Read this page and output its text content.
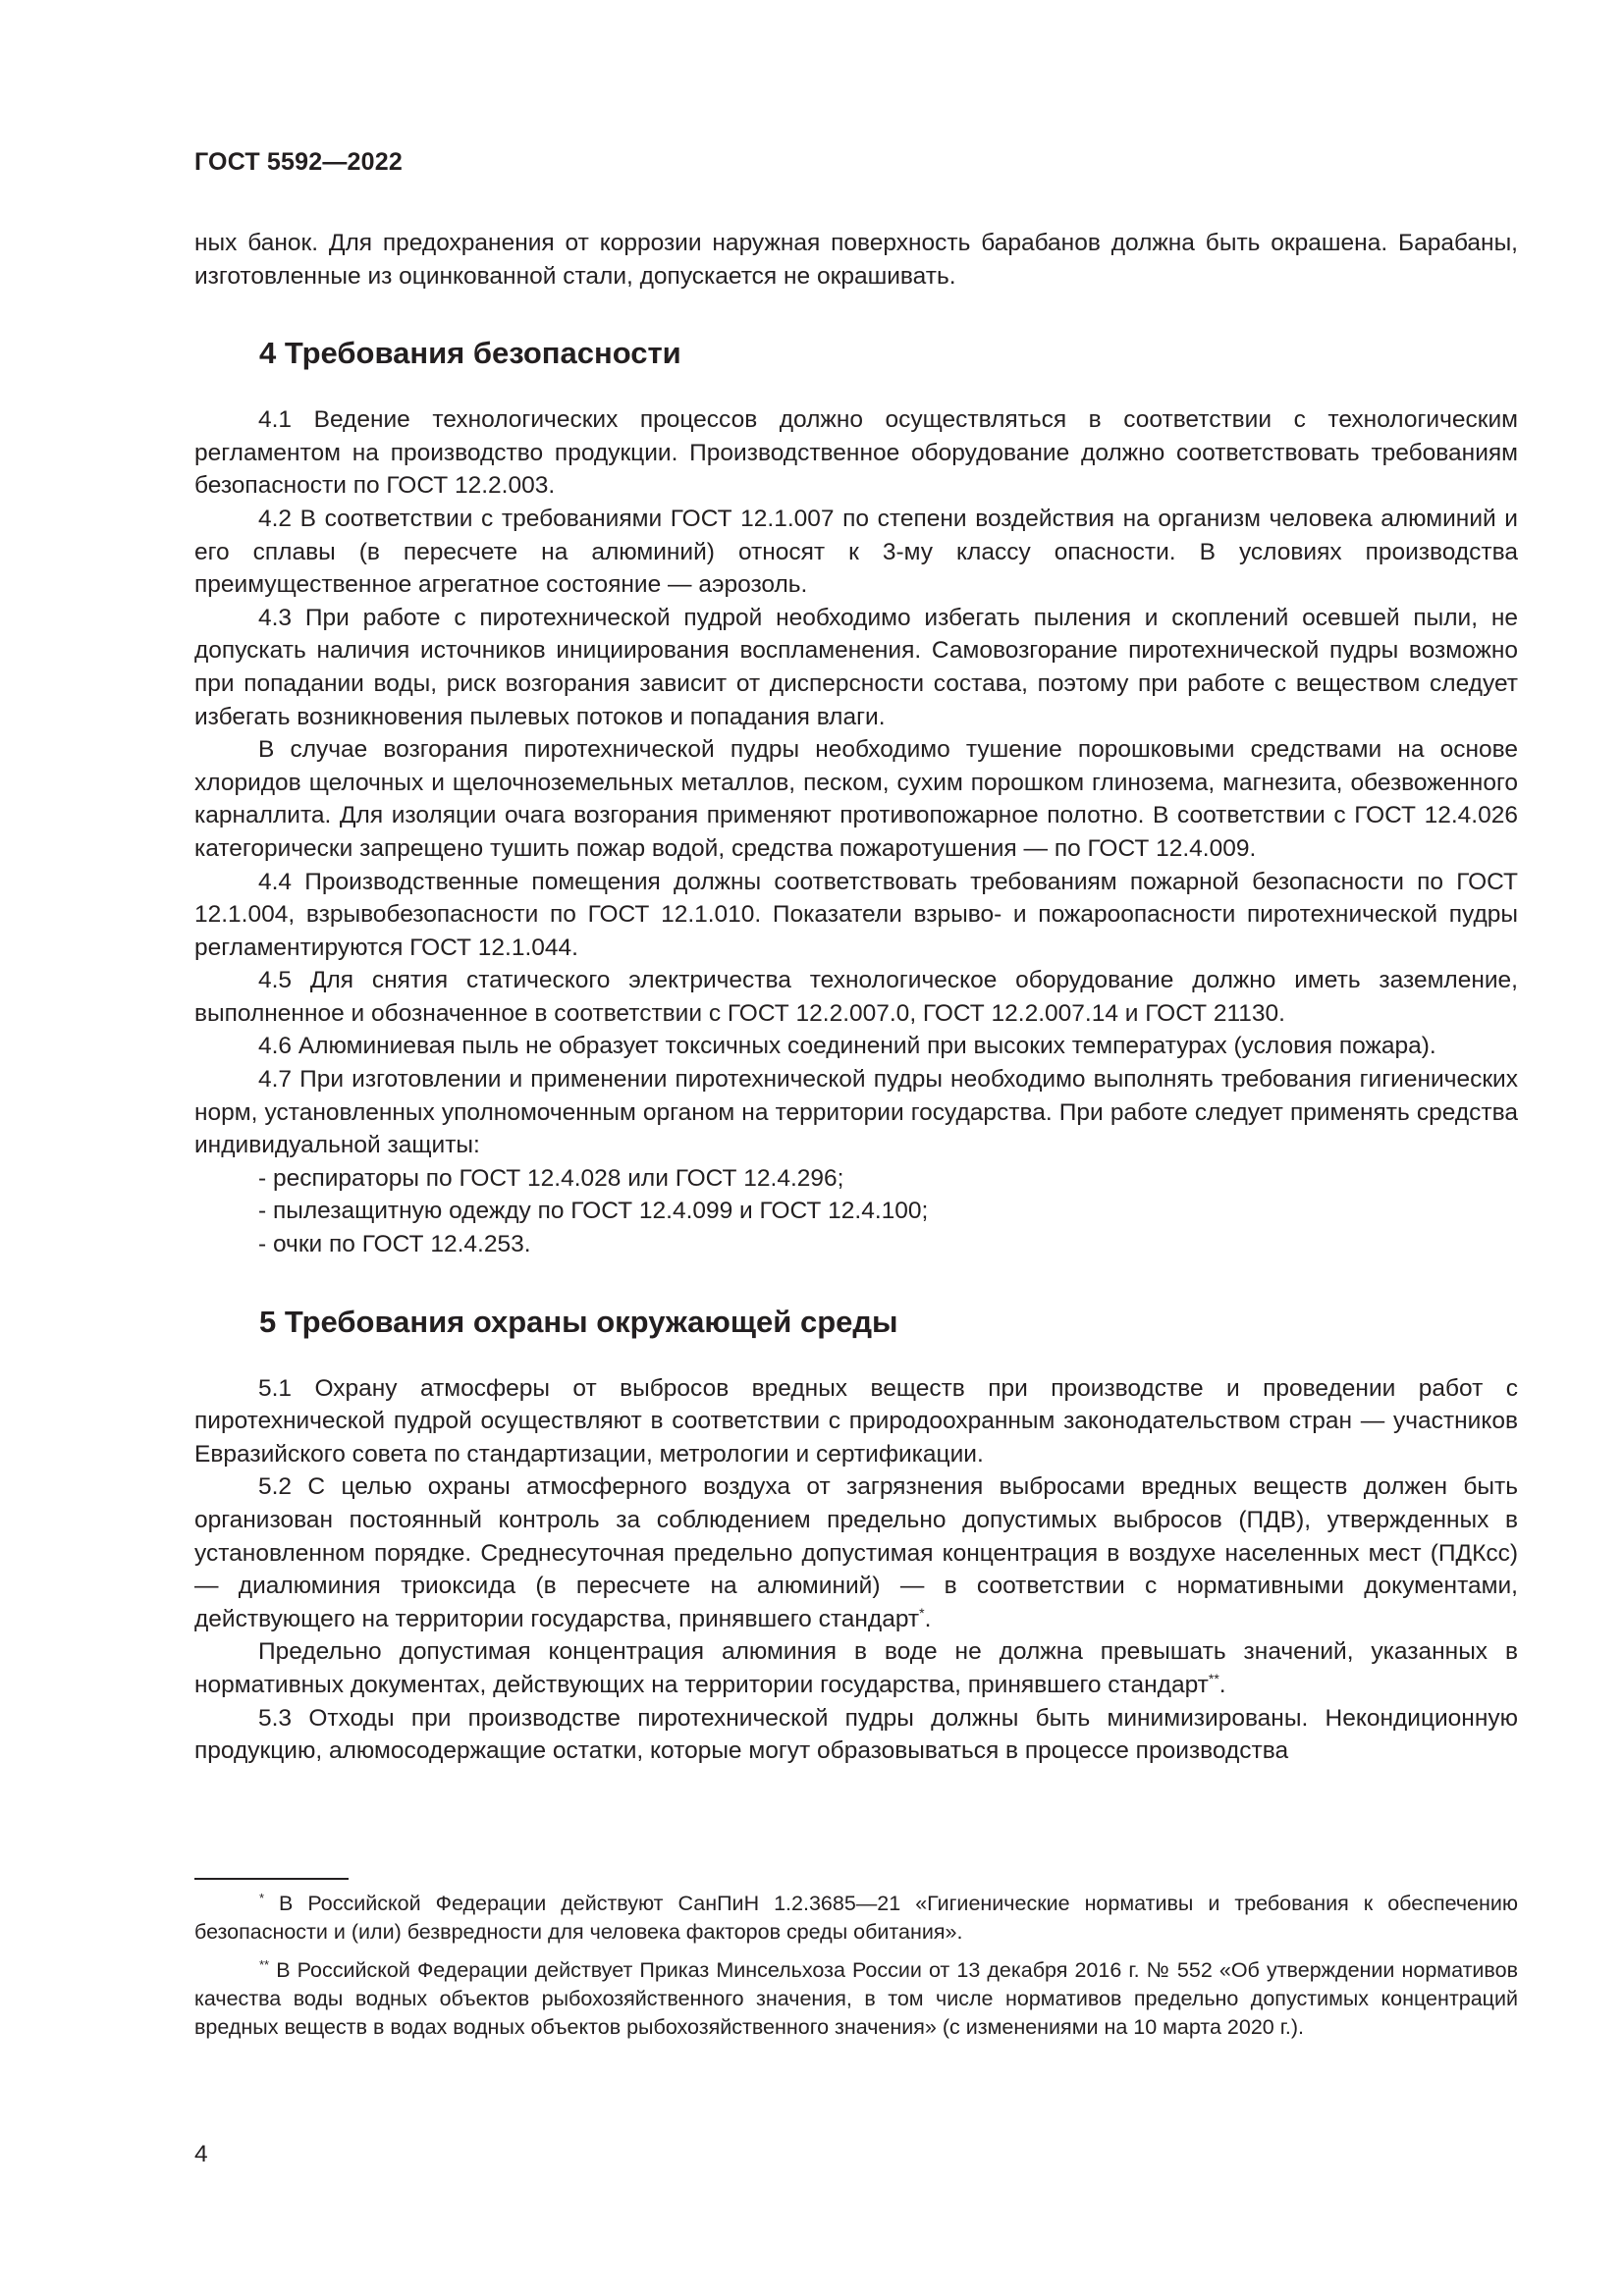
ГОСТ 5592—2022

ных банок. Для предохранения от коррозии наружная поверхность барабанов должна быть окрашена. Барабаны, изготовленные из оцинкованной стали, допускается не окрашивать.

4 Требования безопасности

4.1 Ведение технологических процессов должно осуществляться в соответствии с технологическим регламентом на производство продукции. Производственное оборудование должно соответствовать требованиям безопасности по ГОСТ 12.2.003.

4.2 В соответствии с требованиями ГОСТ 12.1.007 по степени воздействия на организм человека алюминий и его сплавы (в пересчете на алюминий) относят к 3-му классу опасности. В условиях производства преимущественное агрегатное состояние — аэрозоль.

4.3 При работе с пиротехнической пудрой необходимо избегать пыления и скоплений осевшей пыли, не допускать наличия источников инициирования воспламенения. Самовозгорание пиротехнической пудры возможно при попадании воды, риск возгорания зависит от дисперсности состава, поэтому при работе с веществом следует избегать возникновения пылевых потоков и попадания влаги.

В случае возгорания пиротехнической пудры необходимо тушение порошковыми средствами на основе хлоридов щелочных и щелочноземельных металлов, песком, сухим порошком глинозема, магнезита, обезвоженного карналлита. Для изоляции очага возгорания применяют противопожарное полотно. В соответствии с ГОСТ 12.4.026 категорически запрещено тушить пожар водой, средства пожаротушения — по ГОСТ 12.4.009.

4.4 Производственные помещения должны соответствовать требованиям пожарной безопасности по ГОСТ 12.1.004, взрывобезопасности по ГОСТ 12.1.010. Показатели взрыво- и пожароопасности пиротехнической пудры регламентируются ГОСТ 12.1.044.

4.5 Для снятия статического электричества технологическое оборудование должно иметь заземление, выполненное и обозначенное в соответствии с ГОСТ 12.2.007.0, ГОСТ 12.2.007.14 и ГОСТ 21130.

4.6 Алюминиевая пыль не образует токсичных соединений при высоких температурах (условия пожара).

4.7 При изготовлении и применении пиротехнической пудры необходимо выполнять требования гигиенических норм, установленных уполномоченным органом на территории государства. При работе следует применять средства индивидуальной защиты:

- респираторы по ГОСТ 12.4.028 или ГОСТ 12.4.296;
- пылезащитную одежду по ГОСТ 12.4.099 и ГОСТ 12.4.100;
- очки по ГОСТ 12.4.253.
5 Требования охраны окружающей среды

5.1 Охрану атмосферы от выбросов вредных веществ при производстве и проведении работ с пиротехнической пудрой осуществляют в соответствии с природоохранным законодательством стран — участников Евразийского совета по стандартизации, метрологии и сертификации.

5.2 С целью охраны атмосферного воздуха от загрязнения выбросами вредных веществ должен быть организован постоянный контроль за соблюдением предельно допустимых выбросов (ПДВ), утвержденных в установленном порядке. Среднесуточная предельно допустимая концентрация в воздухе населенных мест (ПДКсс) — диалюминия триоксида (в пересчете на алюминий) — в соответствии с нормативными документами, действующего на территории государства, принявшего стандарт*.

Предельно допустимая концентрация алюминия в воде не должна превышать значений, указанных в нормативных документах, действующих на территории государства, принявшего стандарт**.

5.3 Отходы при производстве пиротехнической пудры должны быть минимизированы. Некондиционную продукцию, алюмосодержащие остатки, которые могут образовываться в процессе производства

* В Российской Федерации действуют СанПиН 1.2.3685—21 «Гигиенические нормативы и требования к обеспечению безопасности и (или) безвредности для человека факторов среды обитания».

** В Российской Федерации действует Приказ Минсельхоза России от 13 декабря 2016 г. № 552 «Об утверждении нормативов качества воды водных объектов рыбохозяйственного значения, в том числе нормативов предельно допустимых концентраций вредных веществ в водах водных объектов рыбохозяйственного значения» (с изменениями на 10 марта 2020 г.).

4
